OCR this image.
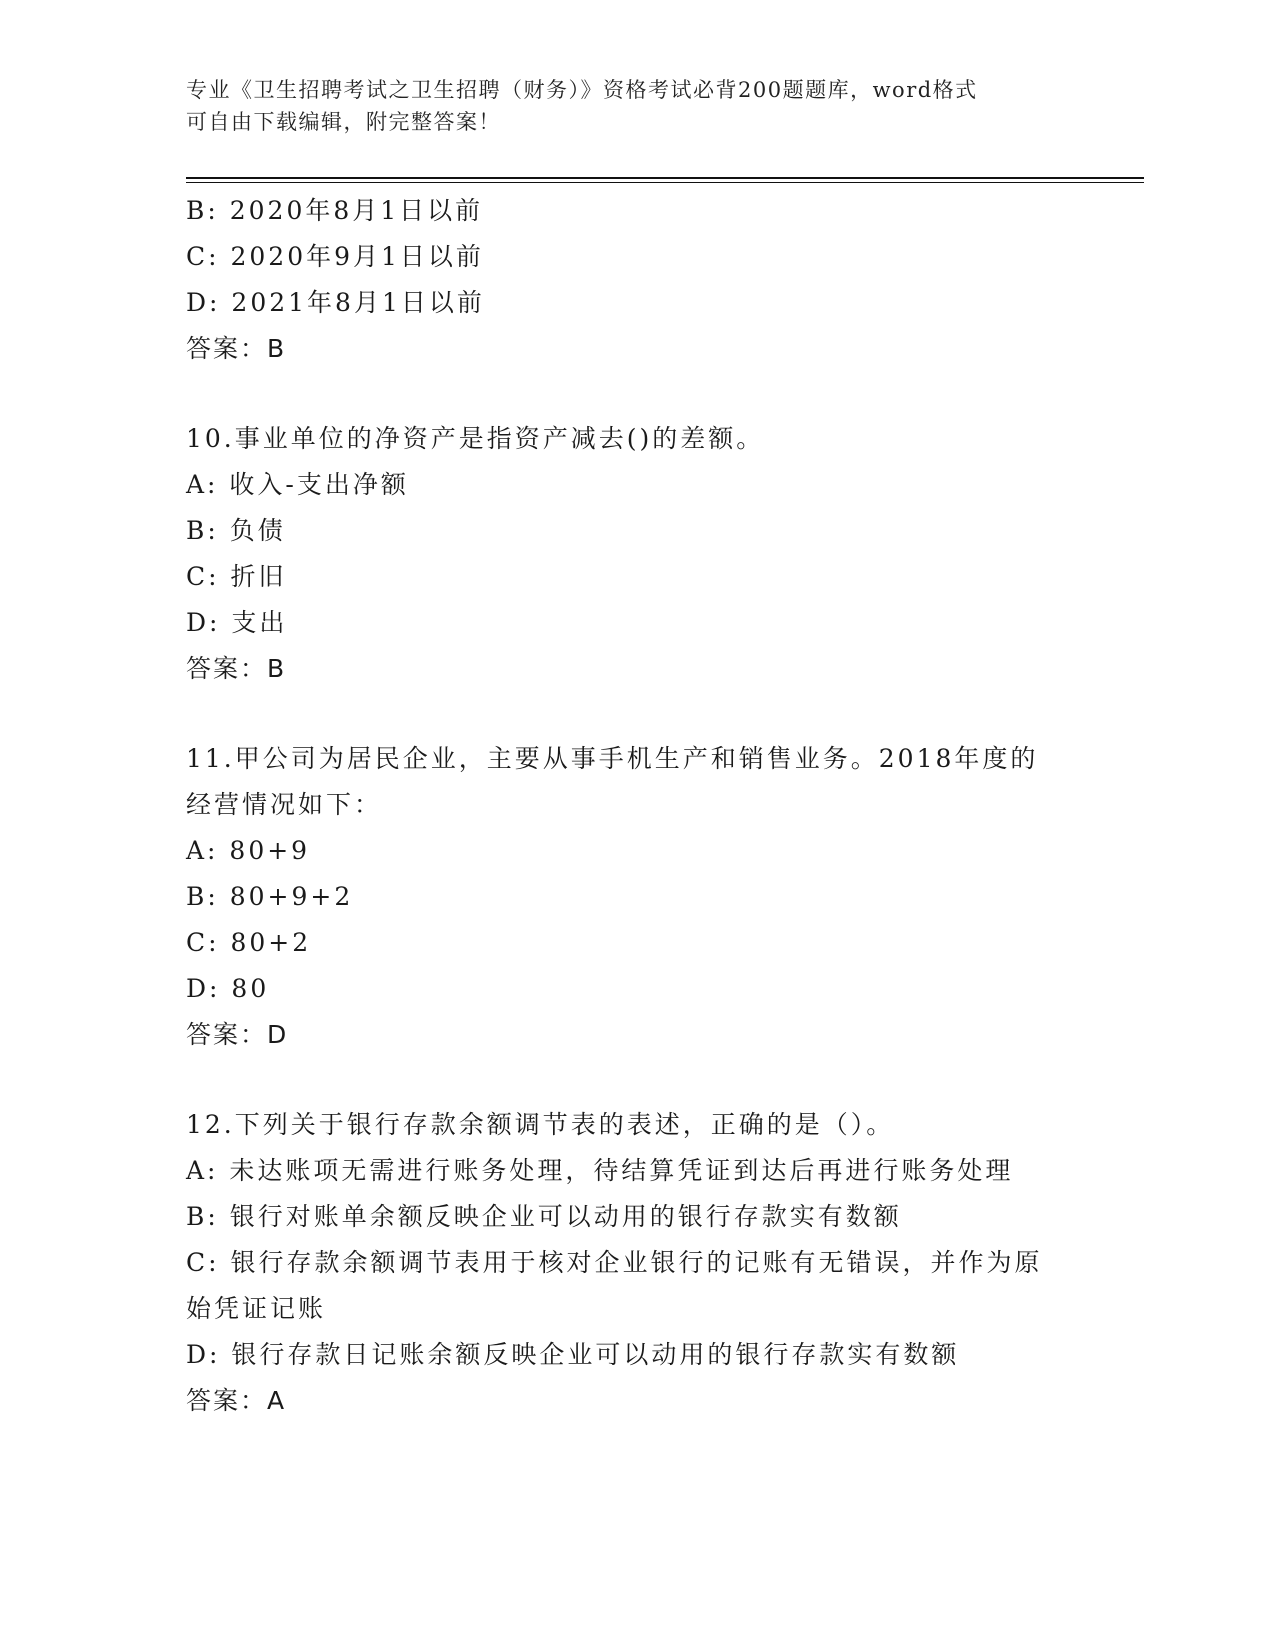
专业《卫生招聘考试之卫生招聘（财务）》资格考试必背200题题库，word格式
可自由下载编辑，附完整答案！
B: 2020年8月1日以前
C: 2020年9月1日以前
D: 2021年8月1日以前
答案：B
10.事业单位的净资产是指资产减去()的差额。
A: 收入-支出净额
B: 负债
C: 折旧
D: 支出
答案：B
11.甲公司为居民企业，主要从事手机生产和销售业务。2018年度的经营情况如下：
A: 80+9
B: 80+9+2
C: 80+2
D: 80
答案：D
12.下列关于银行存款余额调节表的表述，正确的是（）。
A: 未达账项无需进行账务处理，待结算凭证到达后再进行账务处理
B: 银行对账单余额反映企业可以动用的银行存款实有数额
C: 银行存款余额调节表用于核对企业银行的记账有无错误，并作为原始凭证记账
D: 银行存款日记账余额反映企业可以动用的银行存款实有数额
答案：A
